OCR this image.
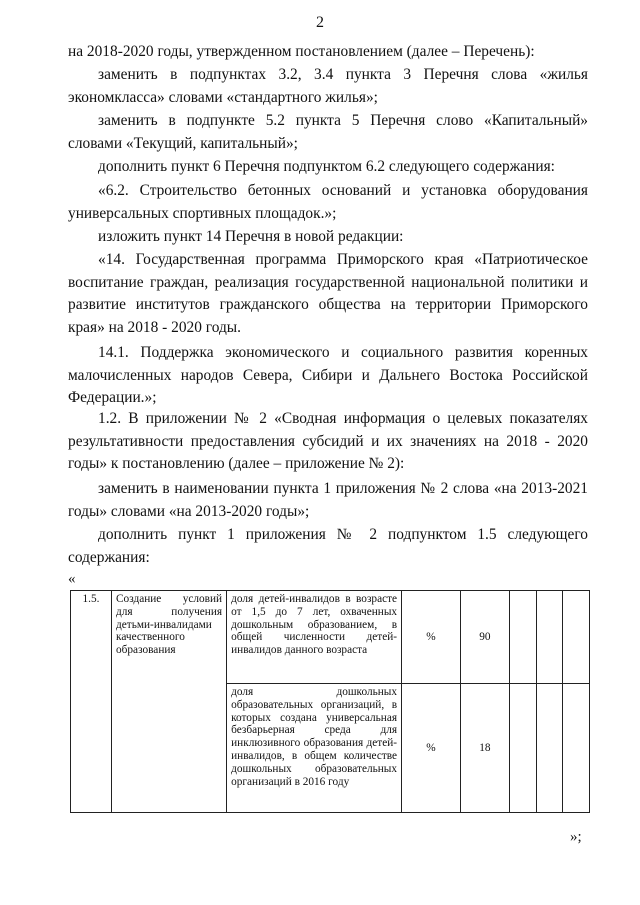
2

на 2018-2020 годы, утвержденном постановлением (далее – Перечень):

заменить в подпунктах 3.2, 3.4 пункта 3 Перечня слова «жилья экономкласса» словами «стандартного жилья»;

заменить в подпункте 5.2 пункта 5 Перечня слово «Капитальный» словами «Текущий, капитальный»;

дополнить пункт 6 Перечня подпунктом 6.2 следующего содержания:

«6.2. Строительство бетонных оснований и установка оборудования универсальных спортивных площадок.»;

изложить пункт 14 Перечня в новой редакции:

«14. Государственная программа Приморского края «Патриотическое воспитание граждан, реализация государственной национальной политики и развитие институтов гражданского общества на территории Приморского края» на 2018 - 2020 годы.

14.1. Поддержка экономического и социального развития коренных малочисленных народов Севера, Сибири и Дальнего Востока Российской Федерации.»;

1.2. В приложении № 2 «Сводная информация о целевых показателях результативности предоставления субсидий и их значениях на 2018 - 2020 годы» к постановлению (далее – приложение № 2):

заменить в наименовании пункта 1 приложения № 2 слова «на 2013-2021 годы» словами «на 2013-2020 годы»;

дополнить пункт 1 приложения № 2 подпунктом 1.5 следующего содержания:

«
1.5.	Создание условий для получения детьми-инвалидами качественного образования	доля детей-инвалидов в возрасте от 1,5 до 7 лет, охваченных дошкольным образованием, в общей численности детей-инвалидов данного возраста	%	90			
		доля дошкольных образовательных организаций, в которых создана универсальная безбарьерная среда для инклюзивного образования детей-инвалидов, в общем количестве дошкольных образовательных организаций в 2016 году	%	18			
»;
